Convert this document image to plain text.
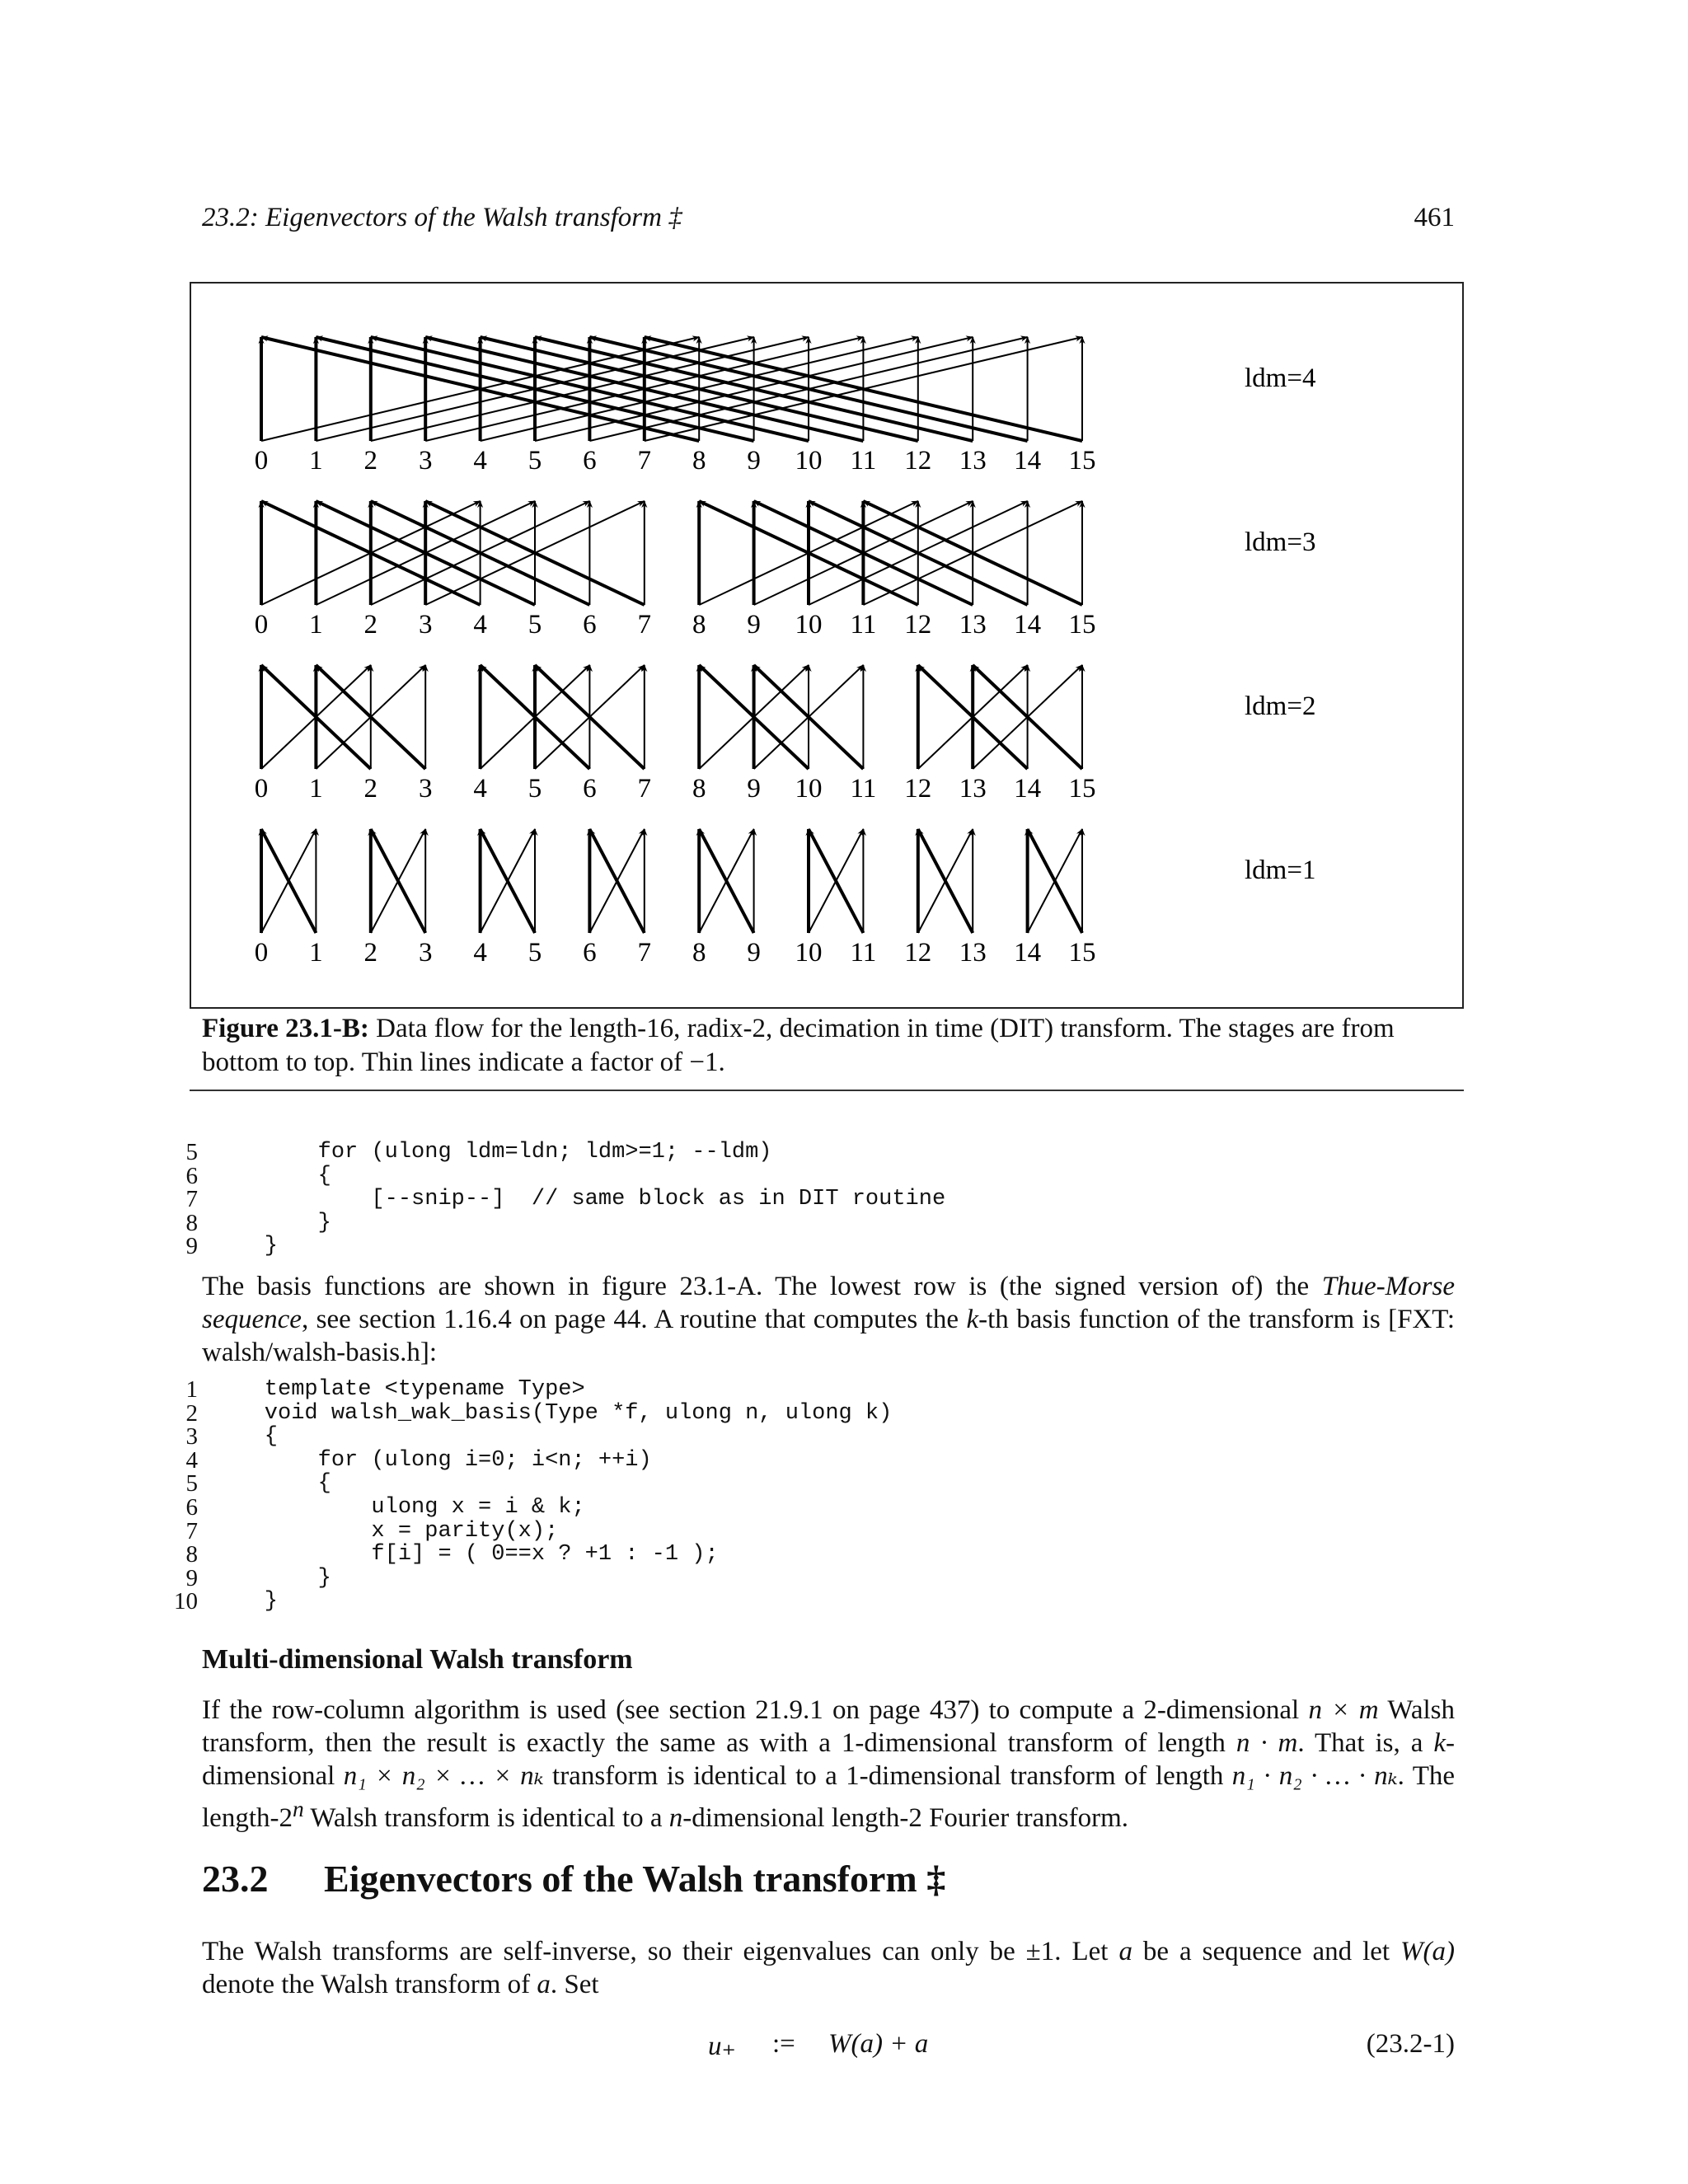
23.2: Eigenvectors of the Walsh transform ‡	461
0 1 2 3 4 5 6 7 8 9 10 11 12 13 14 15
0 1 2 3 4 5 6 7 8 9 10 11 12 13 14 15
0 1 2 3 4 5 6 7 8 9 10 11 12 13 14 15
0 1 2 3 4 5 6 7 8 9 10 11 12 13 14 15
ldm=4
ldm=3
ldm=2
ldm=1
Figure 23.1-B: Data flow for the length-16, radix-2, decimation in time (DIT) transform. The stages are from bottom to top. Thin lines indicate a factor of −1.
5
6
7
8
9
for (ulong ldm=ldn; ldm>=1; --ldm)
{
[--snip--]  // same block as in DIT routine
}
}
The basis functions are shown in figure 23.1-A. The lowest row is (the signed version of) the Thue-Morse sequence, see section 1.16.4 on page 44. A routine that computes the k-th basis function of the transform is [FXT: walsh/walsh-basis.h]:
1
2
3
4
5
6
7
8
9
10
template <typename Type>
void walsh_wak_basis(Type *f, ulong n, ulong k)
{
for (ulong i=0; i<n; ++i)
{
ulong x = i & k;
x = parity(x);
f[i] = ( 0==x ? +1 : -1 );
}
}
Multi-dimensional Walsh transform
If the row-column algorithm is used (see section 21.9.1 on page 437) to compute a 2-dimensional n × m Walsh transform, then the result is exactly the same as with a 1-dimensional transform of length n · m. That is, a k-dimensional n₁ × n₂ × … × nₖ transform is identical to a 1-dimensional transform of length n₁ · n₂ · … · nₖ. The length-2$^n$ Walsh transform is identical to a n-dimensional length-2 Fourier transform.
23.2 Eigenvectors of the Walsh transform ‡
The Walsh transforms are self-inverse, so their eigenvalues can only be ±1. Let a be a sequence and let W(a) denote the Walsh transform of a. Set
u₊ := W(a) + a	(23.2-1)
